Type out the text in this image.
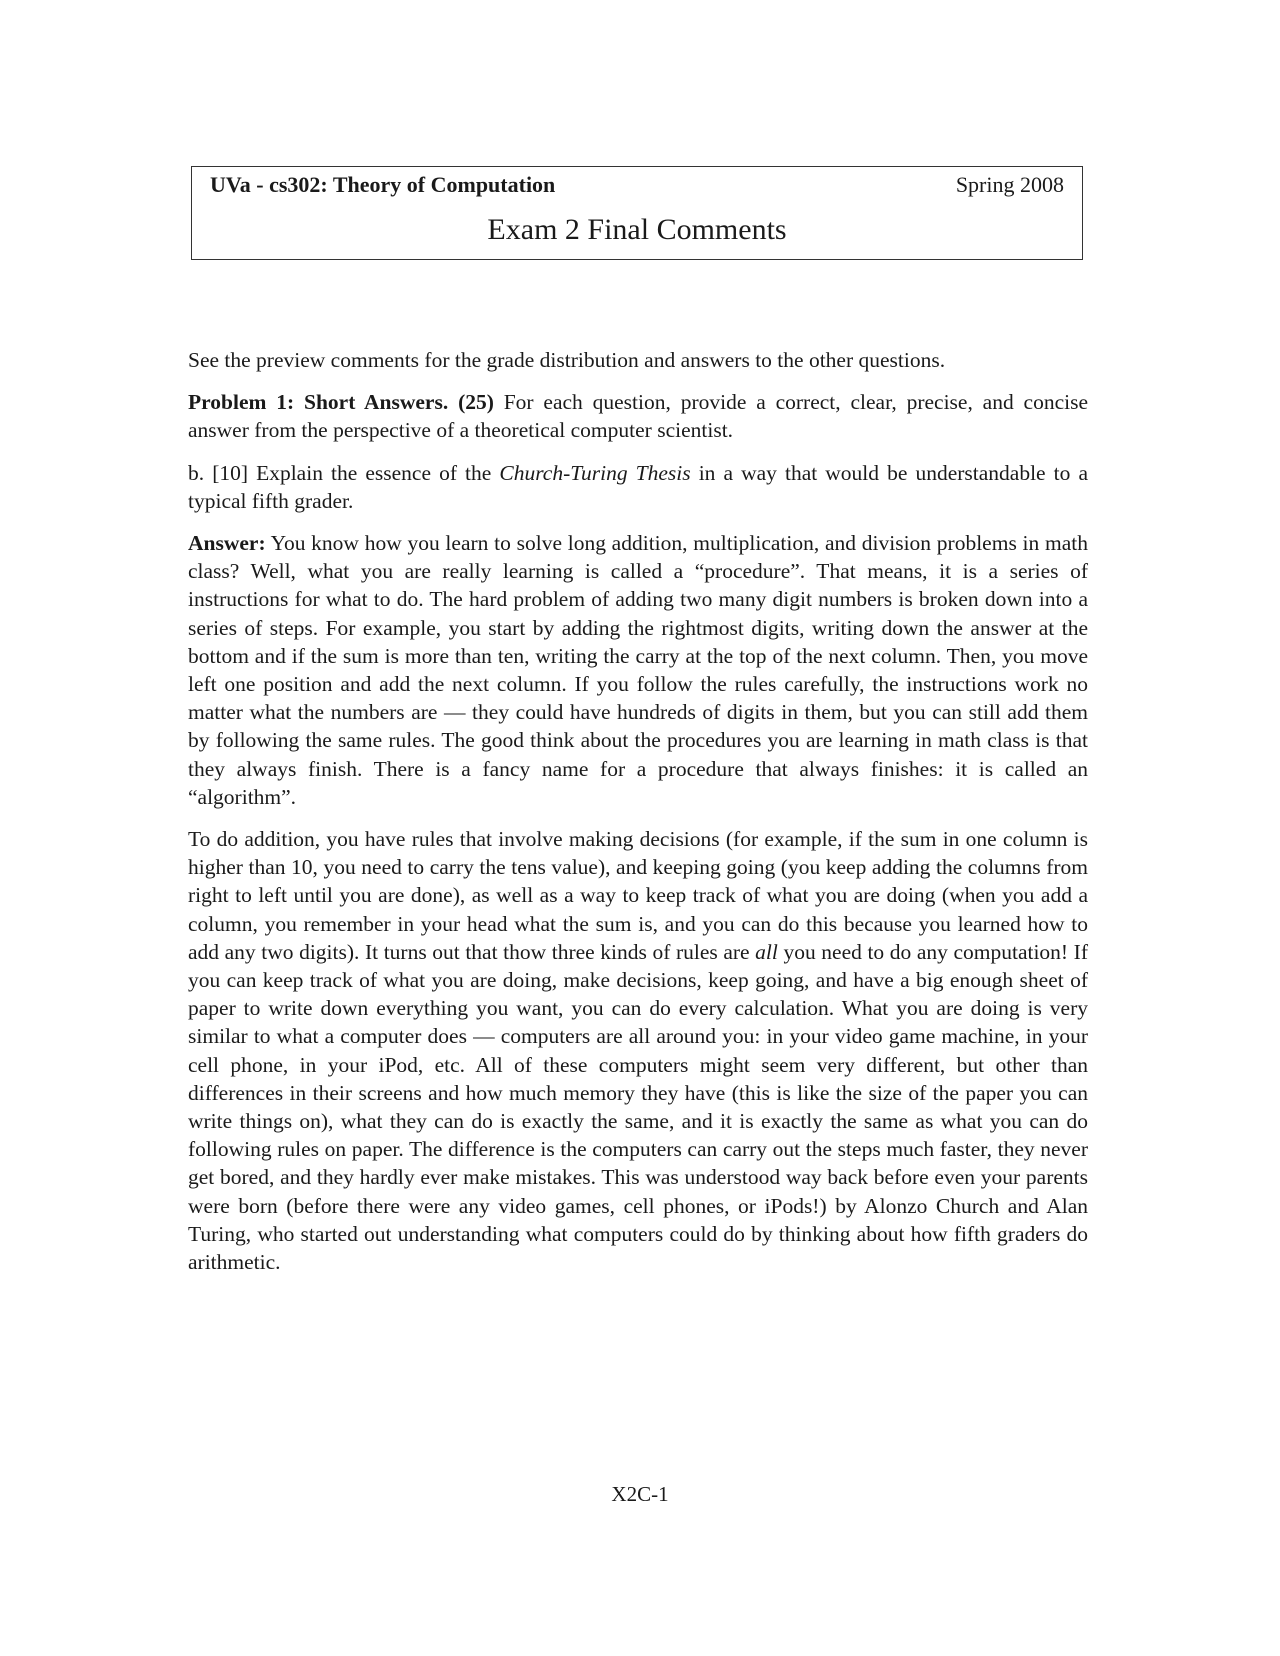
UVa - cs302: Theory of Computation	Spring 2008
Exam 2 Final Comments

See the preview comments for the grade distribution and answers to the other questions.

Problem 1: Short Answers. (25) For each question, provide a correct, clear, precise, and concise answer from the perspective of a theoretical computer scientist.

b. [10] Explain the essence of the Church-Turing Thesis in a way that would be understandable to a typical fifth grader.

Answer: You know how you learn to solve long addition, multiplication, and division problems in math class? Well, what you are really learning is called a “procedure”. That means, it is a series of instructions for what to do. The hard problem of adding two many digit numbers is broken down into a series of steps. For example, you start by adding the rightmost digits, writing down the answer at the bottom and if the sum is more than ten, writing the carry at the top of the next column. Then, you move left one position and add the next column. If you follow the rules carefully, the instructions work no matter what the numbers are — they could have hundreds of digits in them, but you can still add them by following the same rules. The good think about the procedures you are learning in math class is that they always finish. There is a fancy name for a procedure that always finishes: it is called an “algorithm”.

To do addition, you have rules that involve making decisions (for example, if the sum in one column is higher than 10, you need to carry the tens value), and keeping going (you keep adding the columns from right to left until you are done), as well as a way to keep track of what you are doing (when you add a column, you remember in your head what the sum is, and you can do this because you learned how to add any two digits). It turns out that thow three kinds of rules are all you need to do any computation! If you can keep track of what you are doing, make decisions, keep going, and have a big enough sheet of paper to write down everything you want, you can do every calculation. What you are doing is very similar to what a computer does — computers are all around you: in your video game machine, in your cell phone, in your iPod, etc. All of these computers might seem very different, but other than differences in their screens and how much memory they have (this is like the size of the paper you can write things on), what they can do is exactly the same, and it is exactly the same as what you can do following rules on paper. The difference is the computers can carry out the steps much faster, they never get bored, and they hardly ever make mistakes. This was understood way back before even your parents were born (before there were any video games, cell phones, or iPods!) by Alonzo Church and Alan Turing, who started out understanding what computers could do by thinking about how fifth graders do arithmetic.

X2C-1
